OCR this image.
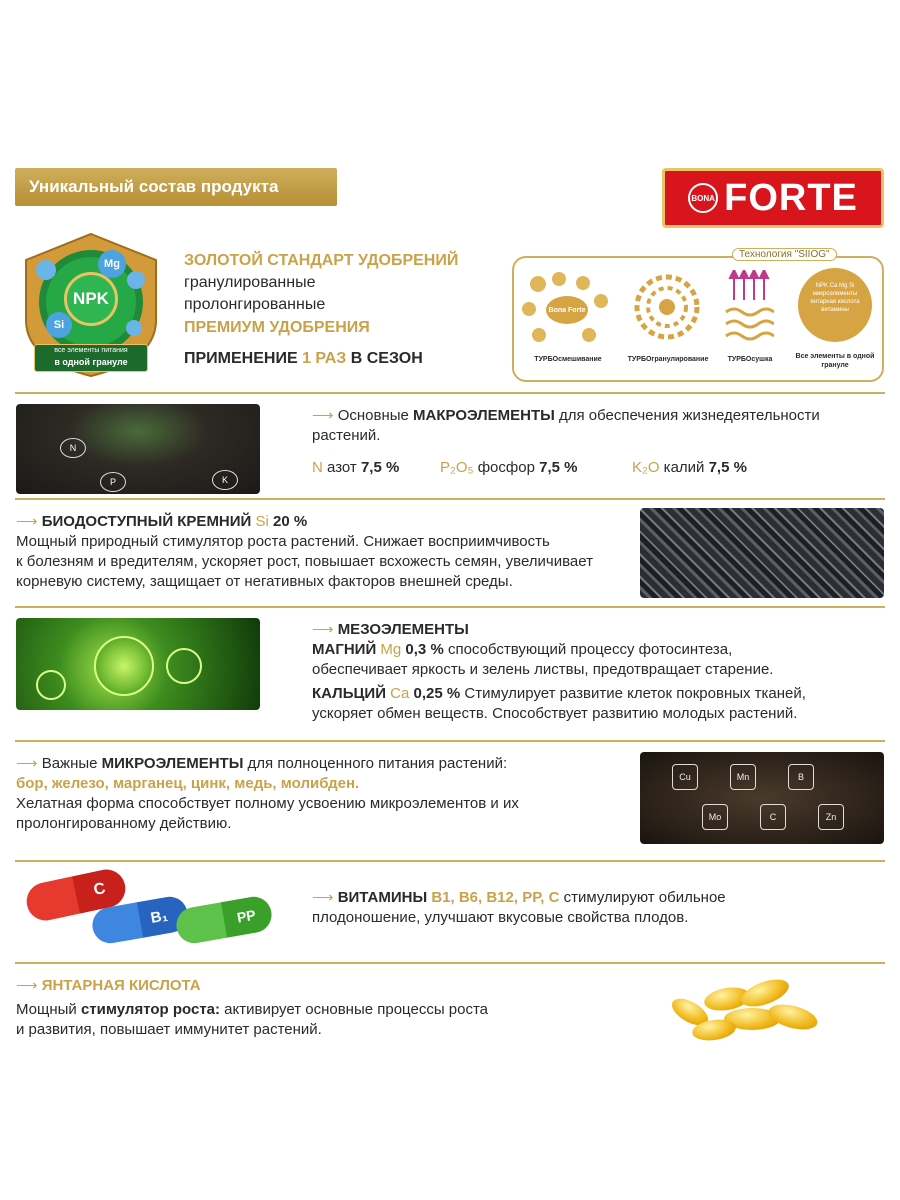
Уникальный состав продукта
BONA FORTE
NPK
Mg
Si
все элементы питания
в одной грануле
ЗОЛОТОЙ СТАНДАРТ УДОБРЕНИЙ
гранулированные
пролонгированные
ПРЕМИУМ УДОБРЕНИЯ
ПРИМЕНЕНИЕ 1 РАЗ В СЕЗОН
Технология "SIIOG"
Bona Forte
NPK Ca Mg Si микроэлементы янтарная кислота витамины
ТУРБОсмешивание	ТУРБОгранулирование	ТУРБОсушка	Все элементы в одной грануле
N
P	K
⟶ Основные МАКРОЭЛЕМЕНТЫ для обеспечения жизнедеятельности
растений.
N азот 7,5 %	P₂O₅ фосфор 7,5 %	K₂O калий 7,5 %
⟶ БИОДОСТУПНЫЙ КРЕМНИЙ Si 20 %
Мощный природный стимулятор роста растений. Снижает восприимчивость
к болезням и вредителям, ускоряет рост, повышает всхожесть семян, увеличивает
корневую систему, защищает от негативных факторов внешней среды.
⟶ МЕЗОЭЛЕМЕНТЫ
МАГНИЙ Mg 0,3 % способствующий процессу фотосинтеза,
обеспечивает яркость и зелень листвы, предотвращает старение.
КАЛЬЦИЙ Ca 0,25 % Стимулирует развитие клеток покровных тканей,
ускоряет обмен веществ. Способствует развитию молодых растений.
⟶ Важные МИКРОЭЛЕМЕНТЫ для полноценного питания растений:
бор, железо, марганец, цинк, медь, молибден.
Хелатная форма способствует полному усвоению микроэлементов и их
пролонгированному действию.
Cu	Mn	B
Mo	C	Zn
C
B₁	PP
⟶ ВИТАМИНЫ B1, B6, B12, PP, C стимулируют обильное
плодоношение, улучшают вкусовые свойства плодов.
⟶ ЯНТАРНАЯ КИСЛОТА
Мощный стимулятор роста: активирует основные процессы роста
и развития, повышает иммунитет растений.
